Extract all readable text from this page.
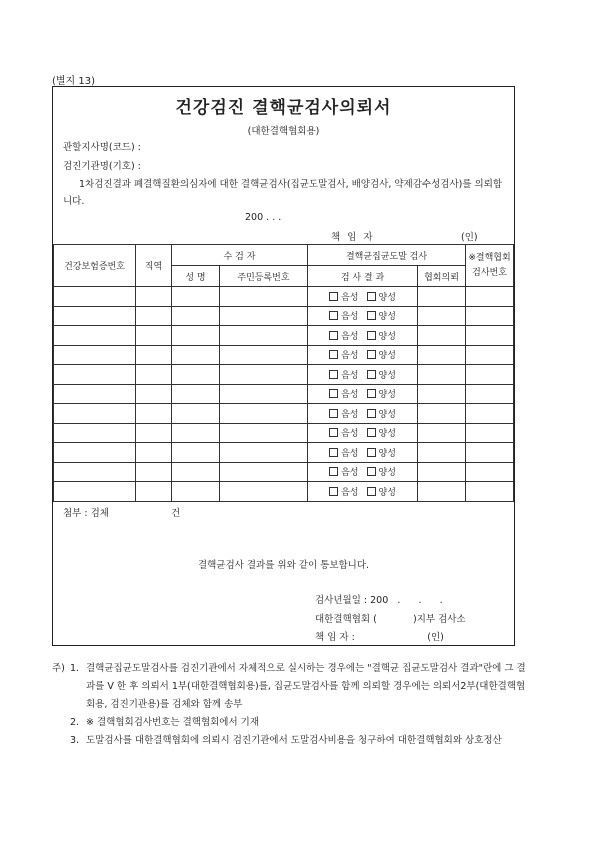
(별지 13)
건강검진 결핵균검사의뢰서
(대한결핵협회용)
관할지사명(코드) :
검진기관명(기호) :
1차검진결과 폐결핵질환의심자에 대한 결핵균검사(집균도말검사, 배양검사, 약제감수성검사)를 의뢰합니다.
200 . . .
책 임 자	(인)
건강보험증번호	직역	수 검 자		결핵균집균도말 검사		※결핵협회 검사번호
		성 명	주민등록번호	검 사 결 과	협회의뢰	

				음성 양성		

				음성 양성		

				음성 양성		

				음성 양성		

				음성 양성		

				음성 양성		

				음성 양성		

				음성 양성		

				음성 양성		

				음성 양성		

				음성 양성		

첨부 : 검체	건
결핵균검사 결과를 위와 같이 통보합니다.
검사년월일 : 200   .      .      .
대한결핵협회 (            )지부 검사소
책 임 자 :                        (인)
주) 1. 결핵균집균도말검사를 검진기관에서 자체적으로 실시하는 경우에는 "결핵균 집균도말검사 결과"란에 그 결과를 V 한 후 의뢰서 1부(대한결핵협회용)를, 집균도말검사를 함께 의뢰할 경우에는 의뢰서2부(대한결핵협회용, 검진기관용)를 검체와 함께 송부
2. ※ 결핵협회검사번호는 결핵협회에서 기재
3. 도말검사를 대한결핵협회에 의뢰시 검진기관에서 도말검사비용을 청구하여 대한결핵협회와 상호정산
